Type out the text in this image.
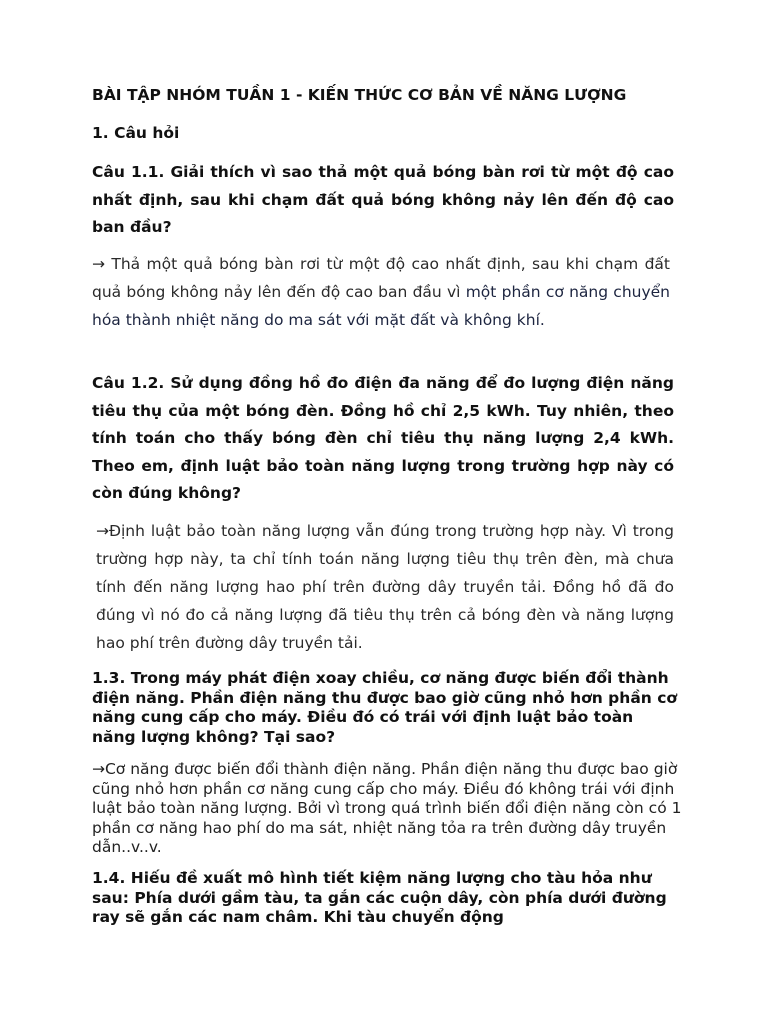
BÀI TẬP NHÓM TUẦN 1 - KIẾN THỨC CƠ BẢN VỀ NĂNG LƯỢNG
1. Câu hỏi
Câu 1.1. Giải thích vì sao thả một quả bóng bàn rơi từ một độ cao nhất định, sau khi chạm đất quả bóng không nảy lên đến độ cao ban đầu?
→ Thả một quả bóng bàn rơi từ một độ cao nhất định, sau khi chạm đất quả bóng không nảy lên đến độ cao ban đầu vì một phần cơ năng chuyển hóa thành nhiệt năng do ma sát với mặt đất và không khí.
Câu 1.2. Sử dụng đồng hồ đo điện đa năng để đo lượng điện năng tiêu thụ của một bóng đèn. Đồng hồ chỉ 2,5 kWh. Tuy nhiên, theo tính toán cho thấy bóng đèn chỉ tiêu thụ năng lượng 2,4 kWh. Theo em, định luật bảo toàn năng lượng trong trường hợp này có còn đúng không?
→Định luật bảo toàn năng lượng vẫn đúng trong trường hợp này. Vì trong trường hợp này, ta chỉ tính toán năng lượng tiêu thụ trên đèn, mà chưa tính đến năng lượng hao phí trên đường dây truyền tải. Đồng hồ đã đo đúng vì nó đo cả năng lượng đã tiêu thụ trên cả bóng đèn và năng lượng hao phí trên đường dây truyền tải.
1.3. Trong máy phát điện xoay chiều, cơ năng được biến đổi thành điện năng. Phần điện năng thu được bao giờ cũng nhỏ hơn phần cơ năng cung cấp cho máy. Điều đó có trái với định luật bảo toàn năng lượng không? Tại sao?
→Cơ năng được biến đổi thành điện năng. Phần điện năng thu được bao giờ cũng nhỏ hơn phần cơ năng cung cấp cho máy. Điều đó không trái với định luật bảo toàn năng lượng. Bởi vì trong quá trình biến đổi điện năng còn có 1 phần cơ năng hao phí do ma sát, nhiệt năng tỏa ra trên đường dây truyền dẫn..v..v.
1.4. Hiếu đề xuất mô hình tiết kiệm năng lượng cho tàu hỏa như sau: Phía dưới gầm tàu, ta gắn các cuộn dây, còn phía dưới đường ray sẽ gắn các nam châm. Khi tàu chuyển động
